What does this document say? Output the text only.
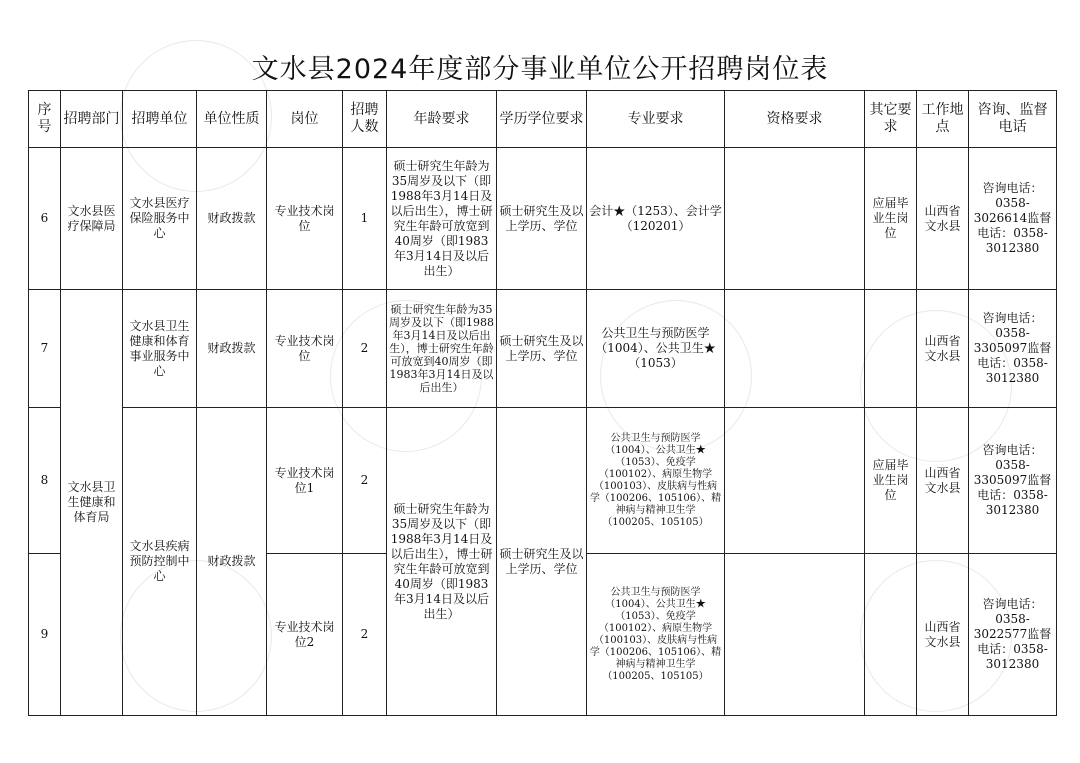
文水县2024年度部分事业单位公开招聘岗位表
序号	招聘部门	招聘单位	单位性质	岗位	招聘人数	年龄要求	学历学位要求	专业要求	资格要求	其它要求	工作地点	咨询、监督电话
6	文水县医疗保障局	文水县医疗保险服务中心	财政拨款	专业技术岗位	1	硕士研究生年龄为35周岁及以下（即1988年3月14日及以后出生），博士研究生年龄可放宽到40周岁（即1983年3月14日及以后出生）	硕士研究生及以上学历、学位	会计★（1253）、会计学（120201）		应届毕业生岗位	山西省文水县	咨询电话：0358-3026614监督电话：0358-3012380
7	文水县卫生健康和体育局	文水县卫生健康和体育事业服务中心	财政拨款	专业技术岗位	2	硕士研究生年龄为35周岁及以下（即1988年3月14日及以后出生），博士研究生年龄可放宽到40周岁（即1983年3月14日及以后出生）	硕士研究生及以上学历、学位	公共卫生与预防医学（1004）、公共卫生★（1053）			山西省文水县	咨询电话：0358-3305097监督电话：0358-3012380
8		文水县疾病预防控制中心	财政拨款	专业技术岗位1	2	硕士研究生年龄为35周岁及以下（即1988年3月14日及以后出生），博士研究生年龄可放宽到40周岁（即1983年3月14日及以后出生）	硕士研究生及以上学历、学位	公共卫生与预防医学（1004）、公共卫生★（1053）、免疫学（100102）、病原生物学（100103）、皮肤病与性病学（100206、105106）、精神病与精神卫生学（100205、105105）		应届毕业生岗位	山西省文水县	咨询电话：0358-3305097监督电话：0358-3012380
9				专业技术岗位2	2			公共卫生与预防医学（1004）、公共卫生★（1053）、免疫学（100102）、病原生物学（100103）、皮肤病与性病学（100206、105106）、精神病与精神卫生学（100205、105105）			山西省文水县	咨询电话：0358-3022577监督电话：0358-3012380
